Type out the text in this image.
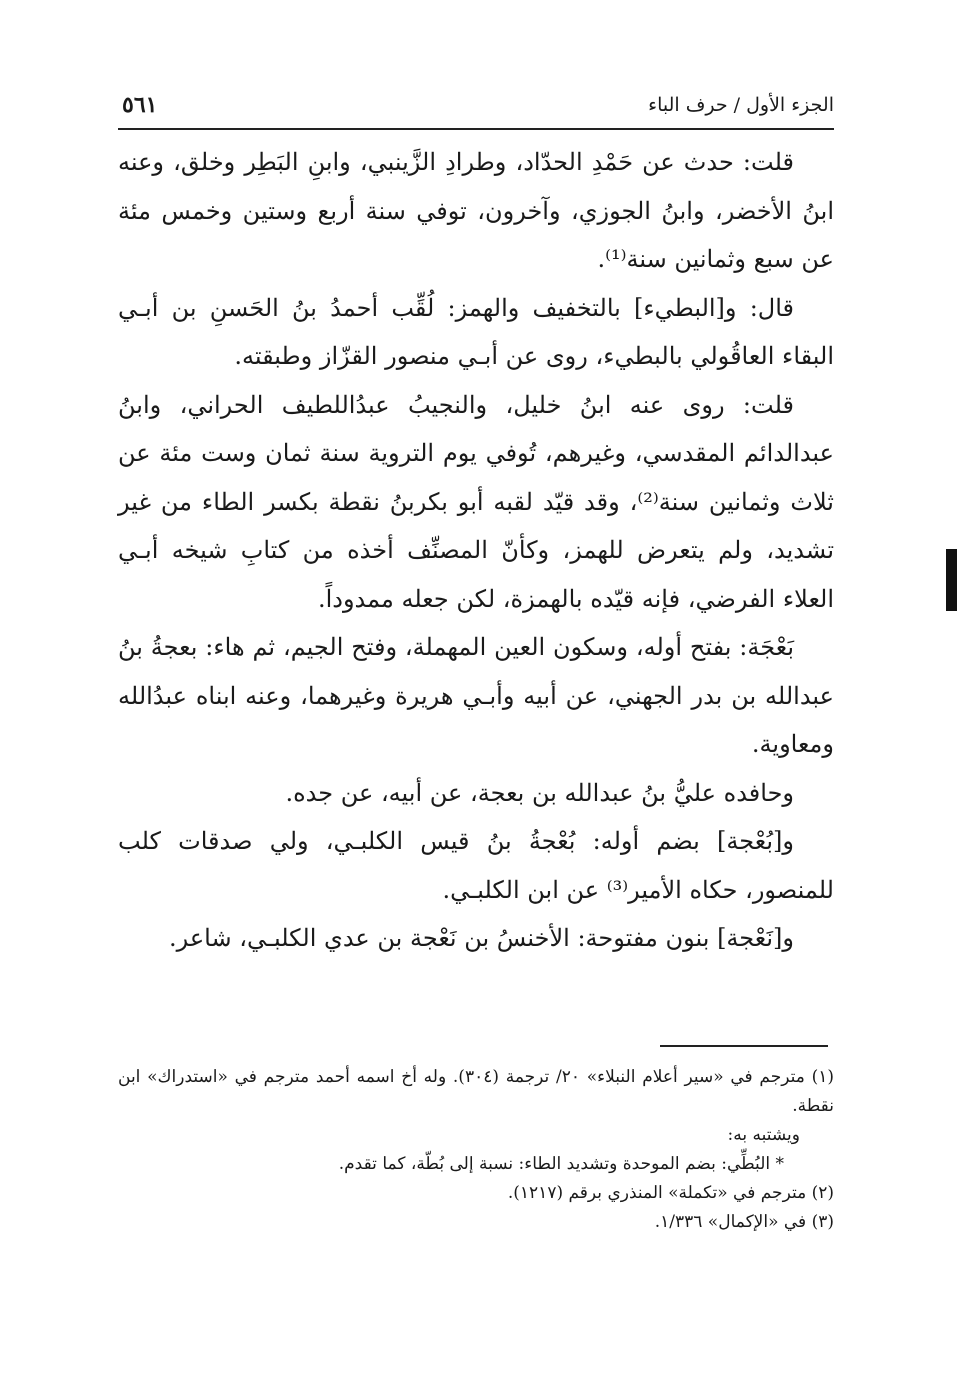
الجزء الأول / حرف الباء
٥٦١

قلت: حدث عن حَمْدِ الحدّاد، وطرادِ الزَّينبي، وابنِ البَطِر وخلق، وعنه ابنُ الأخضر، وابنُ الجوزي، وآخرون، توفي سنة أربع وستين وخمس مئة عن سبع وثمانين سنة⁽¹⁾.

قال: و[البطيء] بالتخفيف والهمز: لُقِّب أحمدُ بنُ الحَسنِ بن أبـي البقاء العاقُولي بالبطيء، روى عن أبـي منصور القزّاز وطبقته.

قلت: روى عنه ابنُ خليل، والنجيبُ عبدُاللطيف الحراني، وابنُ عبدالدائم المقدسي، وغيرهم، تُوفي يوم التروية سنة ثمان وست مئة عن ثلاث وثمانين سنة⁽²⁾، وقد قيّد لقبه أبو بكربنُ نقطة بكسر الطاء من غير تشديد، ولم يتعرض للهمز، وكأنّ المصنِّف أخذه من كتابِ شيخه أبـي العلاء الفرضي، فإنه قيّده بالهمزة، لكن جعله ممدوداً.

بَعْجَة: بفتح أوله، وسكون العين المهملة، وفتح الجيم، ثم هاء: بعجةُ بنُ عبدالله بن بدر الجهني، عن أبيه وأبـي هريرة وغيرهما، وعنه ابناه عبدُالله ومعاوية.

وحافده عليُّ بنُ عبدالله بن بعجة، عن أبيه، عن جده.

و[بُعْجة] بضم أوله: بُعْجةُ بنُ قيس الكلبـي، ولي صدقات كلب للمنصور، حكاه الأمير⁽³⁾ عن ابن الكلبـي.

و[نَعْجة] بنون مفتوحة: الأخنسُ بن نَعْجة بن عدي الكلبـي، شاعر.

(١) مترجم في «سير أعلام النبلاء» ٢٠/ ترجمة (٣٠٤). وله أخ اسمه أحمد مترجم في «استدراك» ابن نقطة.

ويشتبه به:

* البُطِّي: بضم الموحدة وتشديد الطاء: نسبة إلى بُطّة، كما تقدم.

(٢) مترجم في «تكملة» المنذري برقم (١٢١٧).

(٣) في «الإكمال» ١/٣٣٦.
